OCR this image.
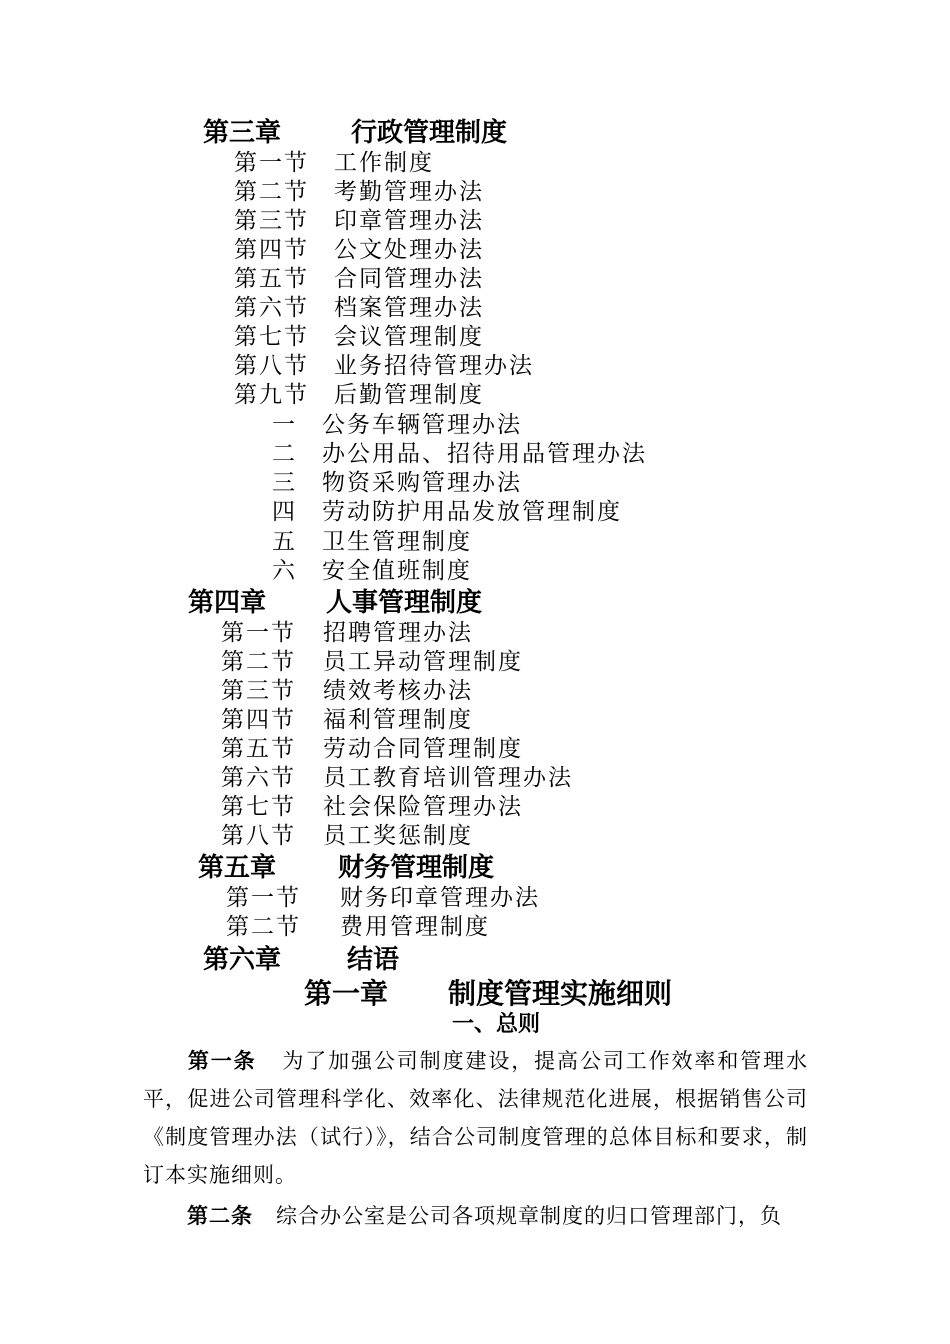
第三章	行政管理制度
第一节 工作制度
第二节 考勤管理办法
第三节 印章管理办法
第四节 公文处理办法
第五节 合同管理办法
第六节 档案管理办法
第七节 会议管理制度
第八节 业务招待管理办法
第九节 后勤管理制度
一 公务车辆管理办法
二 办公用品、招待用品管理办法
三 物资采购管理办法
四 劳动防护用品发放管理制度
五 卫生管理制度
六 安全值班制度
第四章 人事管理制度
第一节 招聘管理办法
第二节 员工异动管理制度
第三节 绩效考核办法
第四节 福利管理制度
第五节 劳动合同管理制度
第六节 员工教育培训管理办法
第七节 社会保险管理办法
第八节 员工奖惩制度
第五章 财务管理制度
第一节 财务印章管理办法
第二节 费用管理制度
第六章	结语
第一章 制度管理实施细则
一、总则
第一条 为了加强公司制度建设，提高公司工作效率和管理水平，促进公司管理科学化、效率化、法律规范化进展，根据销售公司《制度管理办法（试行）》，结合公司制度管理的总体目标和要求，制订本实施细则。
第二条 综合办公室是公司各项规章制度的归口管理部门，负
